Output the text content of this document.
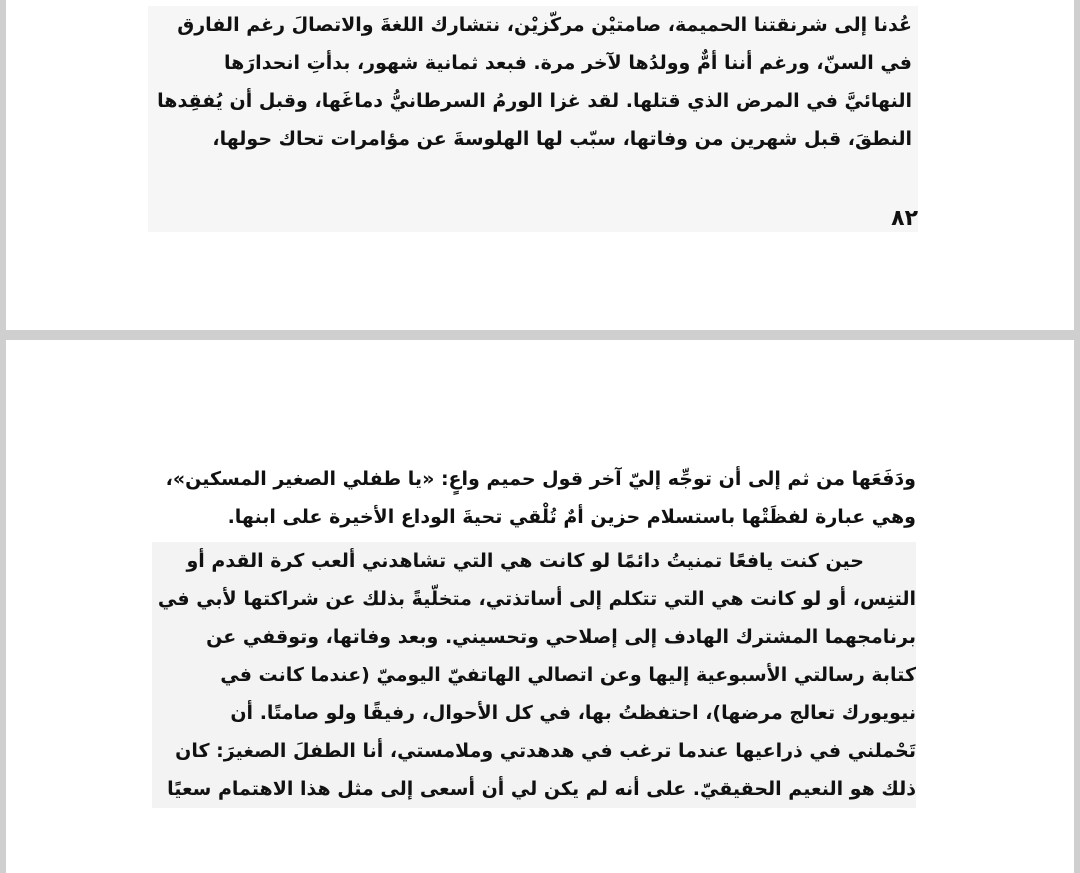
عُدنا إلى شرنقتنا الحميمة، صامتيْن مركّزيْن، نتشارك اللغةَ والاتصالَ رغم الفارق
في السنّ، ورغم أننا أمٌّ وولدُها لآخر مرة. فبعد ثمانية شهور، بدأتِ انحدارَها
النهائيَّ في المرض الذي قتلها. لقد غزا الورمُ السرطانيُّ دماغَها، وقبل أن يُفقِدها
النطقَ، قبل شهرين من وفاتها، سبّب لها الهلوسةَ عن مؤامرات تحاك حولها،
٨٢
ودَفَعَها من ثم إلى أن توجِّه إليّ آخر قول حميم واعٍ: «يا طفلي الصغير المسكين»،
وهي عبارة لفظَتْها باستسلام حزين أمٌ تُلْقي تحيةَ الوداع الأخيرة على ابنها.
حين كنت يافعًا تمنيتُ دائمًا لو كانت هي التي تشاهدني ألعب كرة القدم أو
التنِس، أو لو كانت هي التي تتكلم إلى أساتذتي، متخلّيةً بذلك عن شراكتها لأبي في
برنامجهما المشترك الهادف إلى إصلاحي وتحسيني. وبعد وفاتها، وتوقفي عن
كتابة رسالتي الأسبوعية إليها وعن اتصالي الهاتفيّ اليوميّ (عندما كانت في
نيويورك تعالج مرضها)، احتفظتُ بها، في كل الأحوال، رفيقًا ولو صامتًا. أن
تَحْملني في ذراعيها عندما ترغب في هدهدتي وملامستي، أنا الطفلَ الصغيرَ: كان
ذلك هو النعيم الحقيقيّ. على أنه لم يكن لي أن أسعى إلى مثل هذا الاهتمام سعيًا
